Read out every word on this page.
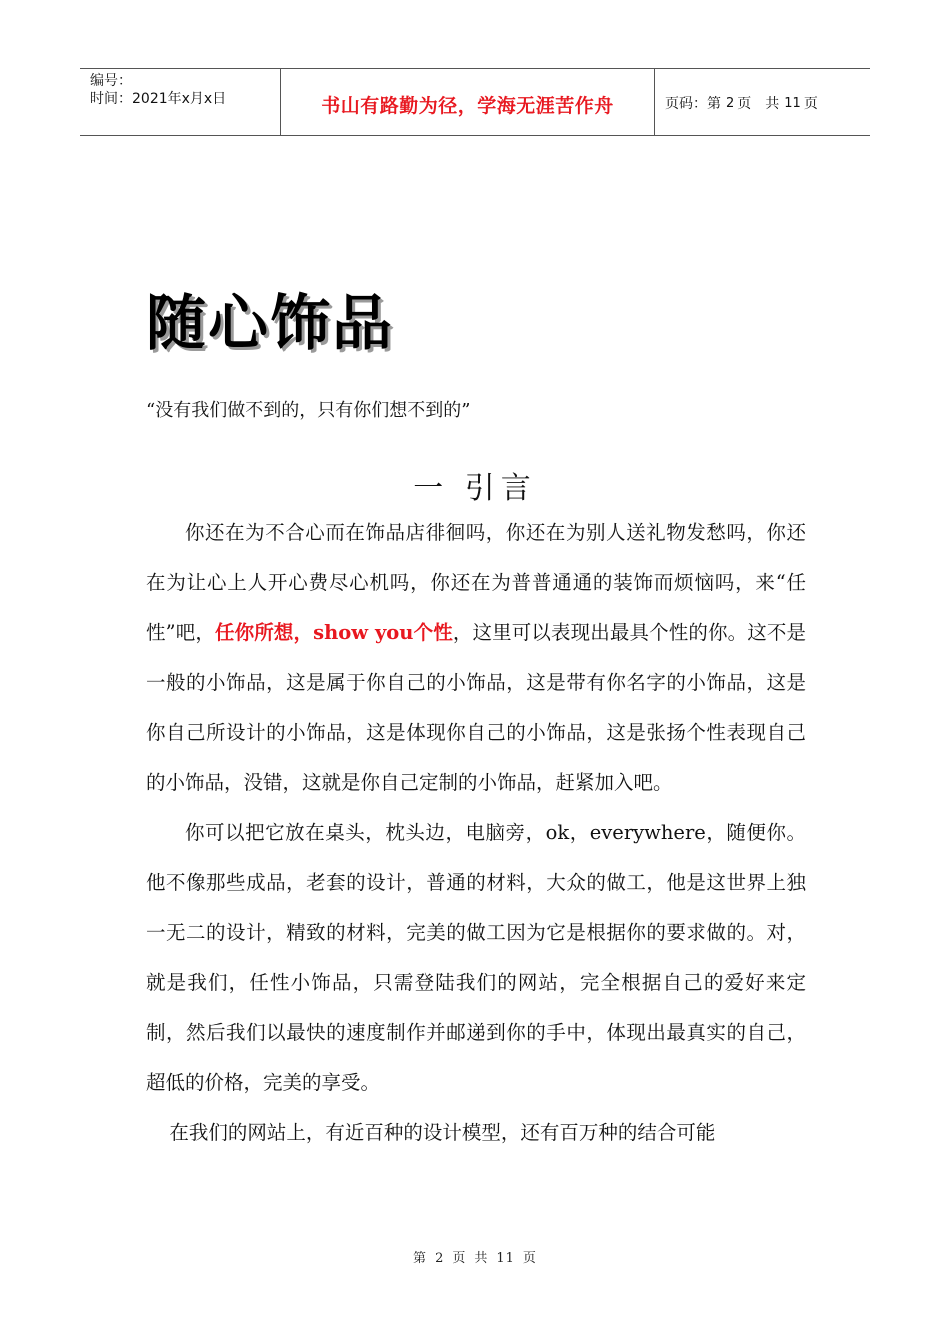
编号：
时间：2021年x月x日	书山有路勤为径，学海无涯苦作舟	页码：第 2 页 共 11 页
随心饰品
“没有我们做不到的，只有你们想不到的”
一 引言

你还在为不合心而在饰品店徘徊吗，你还在为别人送礼物发愁吗，你还在为让心上人开心费尽心机吗，你还在为普普通通的装饰而烦恼吗，来“任性”吧，任你所想，show you个性，这里可以表现出最具个性的你。这不是一般的小饰品，这是属于你自己的小饰品，这是带有你名字的小饰品，这是你自己所设计的小饰品，这是体现你自己的小饰品，这是张扬个性表现自己的小饰品，没错，这就是你自己定制的小饰品，赶紧加入吧。

你可以把它放在桌头，枕头边，电脑旁，ok，everywhere，随便你。他不像那些成品，老套的设计，普通的材料，大众的做工，他是这世界上独一无二的设计，精致的材料，完美的做工因为它是根据你的要求做的。对，就是我们，任性小饰品，只需登陆我们的网站，完全根据自己的爱好来定制，然后我们以最快的速度制作并邮递到你的手中，体现出最真实的自己，超低的价格，完美的享受。

在我们的网站上，有近百种的设计模型，还有百万种的结合可能

第 2 页 共 11 页
